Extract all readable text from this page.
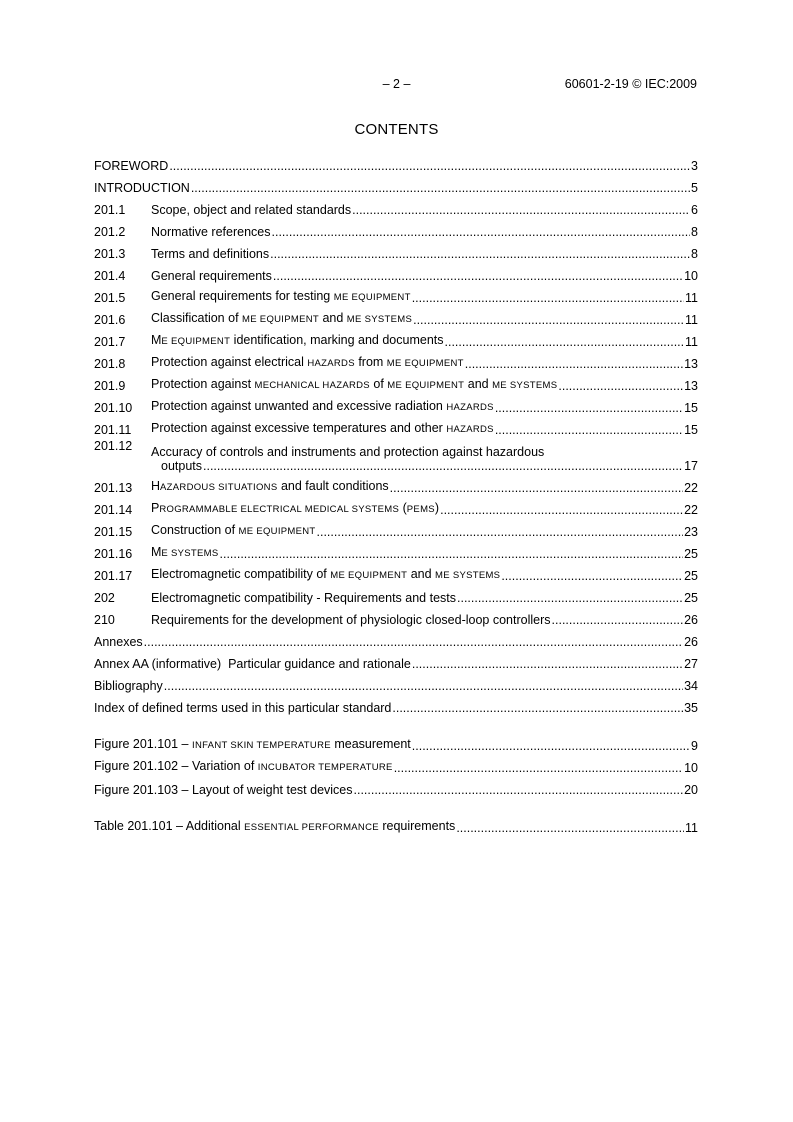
– 2 –	60601-2-19 © IEC:2009
CONTENTS
FOREWORD .....	3
INTRODUCTION .....	5
201.1	Scope, object and related standards .....	6
201.2	Normative references .....	8
201.3	Terms and definitions .....	8
201.4	General requirements .....	10
201.5	General requirements for testing ME EQUIPMENT .....	11
201.6	Classification of ME EQUIPMENT and ME SYSTEMS .....	11
201.7	ME EQUIPMENT identification, marking and documents .....	11
201.8	Protection against electrical HAZARDS from ME EQUIPMENT .....	13
201.9	Protection against MECHANICAL HAZARDS of ME EQUIPMENT and ME SYSTEMS .....	13
201.10	Protection against unwanted and excessive radiation HAZARDS .....	15
201.11	Protection against excessive temperatures and other HAZARDS .....	15
201.12	Accuracy of controls and instruments and protection against hazardous
outputs .....	17
201.13	HAZARDOUS SITUATIONS and fault conditions .....	22
201.14	PROGRAMMABLE ELECTRICAL MEDICAL SYSTEMS (PEMS) .....	22
201.15	Construction of ME EQUIPMENT .....	23
201.16	ME SYSTEMS .....	25
201.17	Electromagnetic compatibility of ME EQUIPMENT and ME SYSTEMS .....	25
202	Electromagnetic compatibility - Requirements and tests .....	25
210	Requirements for the development of physiologic closed-loop controllers .....	26
Annexes .....	26
Annex AA (informative)  Particular guidance and rationale .....	27
Bibliography .....	34
Index of defined terms used in this particular standard .....	35
Figure 201.101 – INFANT SKIN TEMPERATURE measurement .....	9
Figure 201.102 – Variation of INCUBATOR TEMPERATURE .....	10
Figure 201.103 – Layout of weight test devices .....	20
Table 201.101 – Additional ESSENTIAL PERFORMANCE requirements .....	11
